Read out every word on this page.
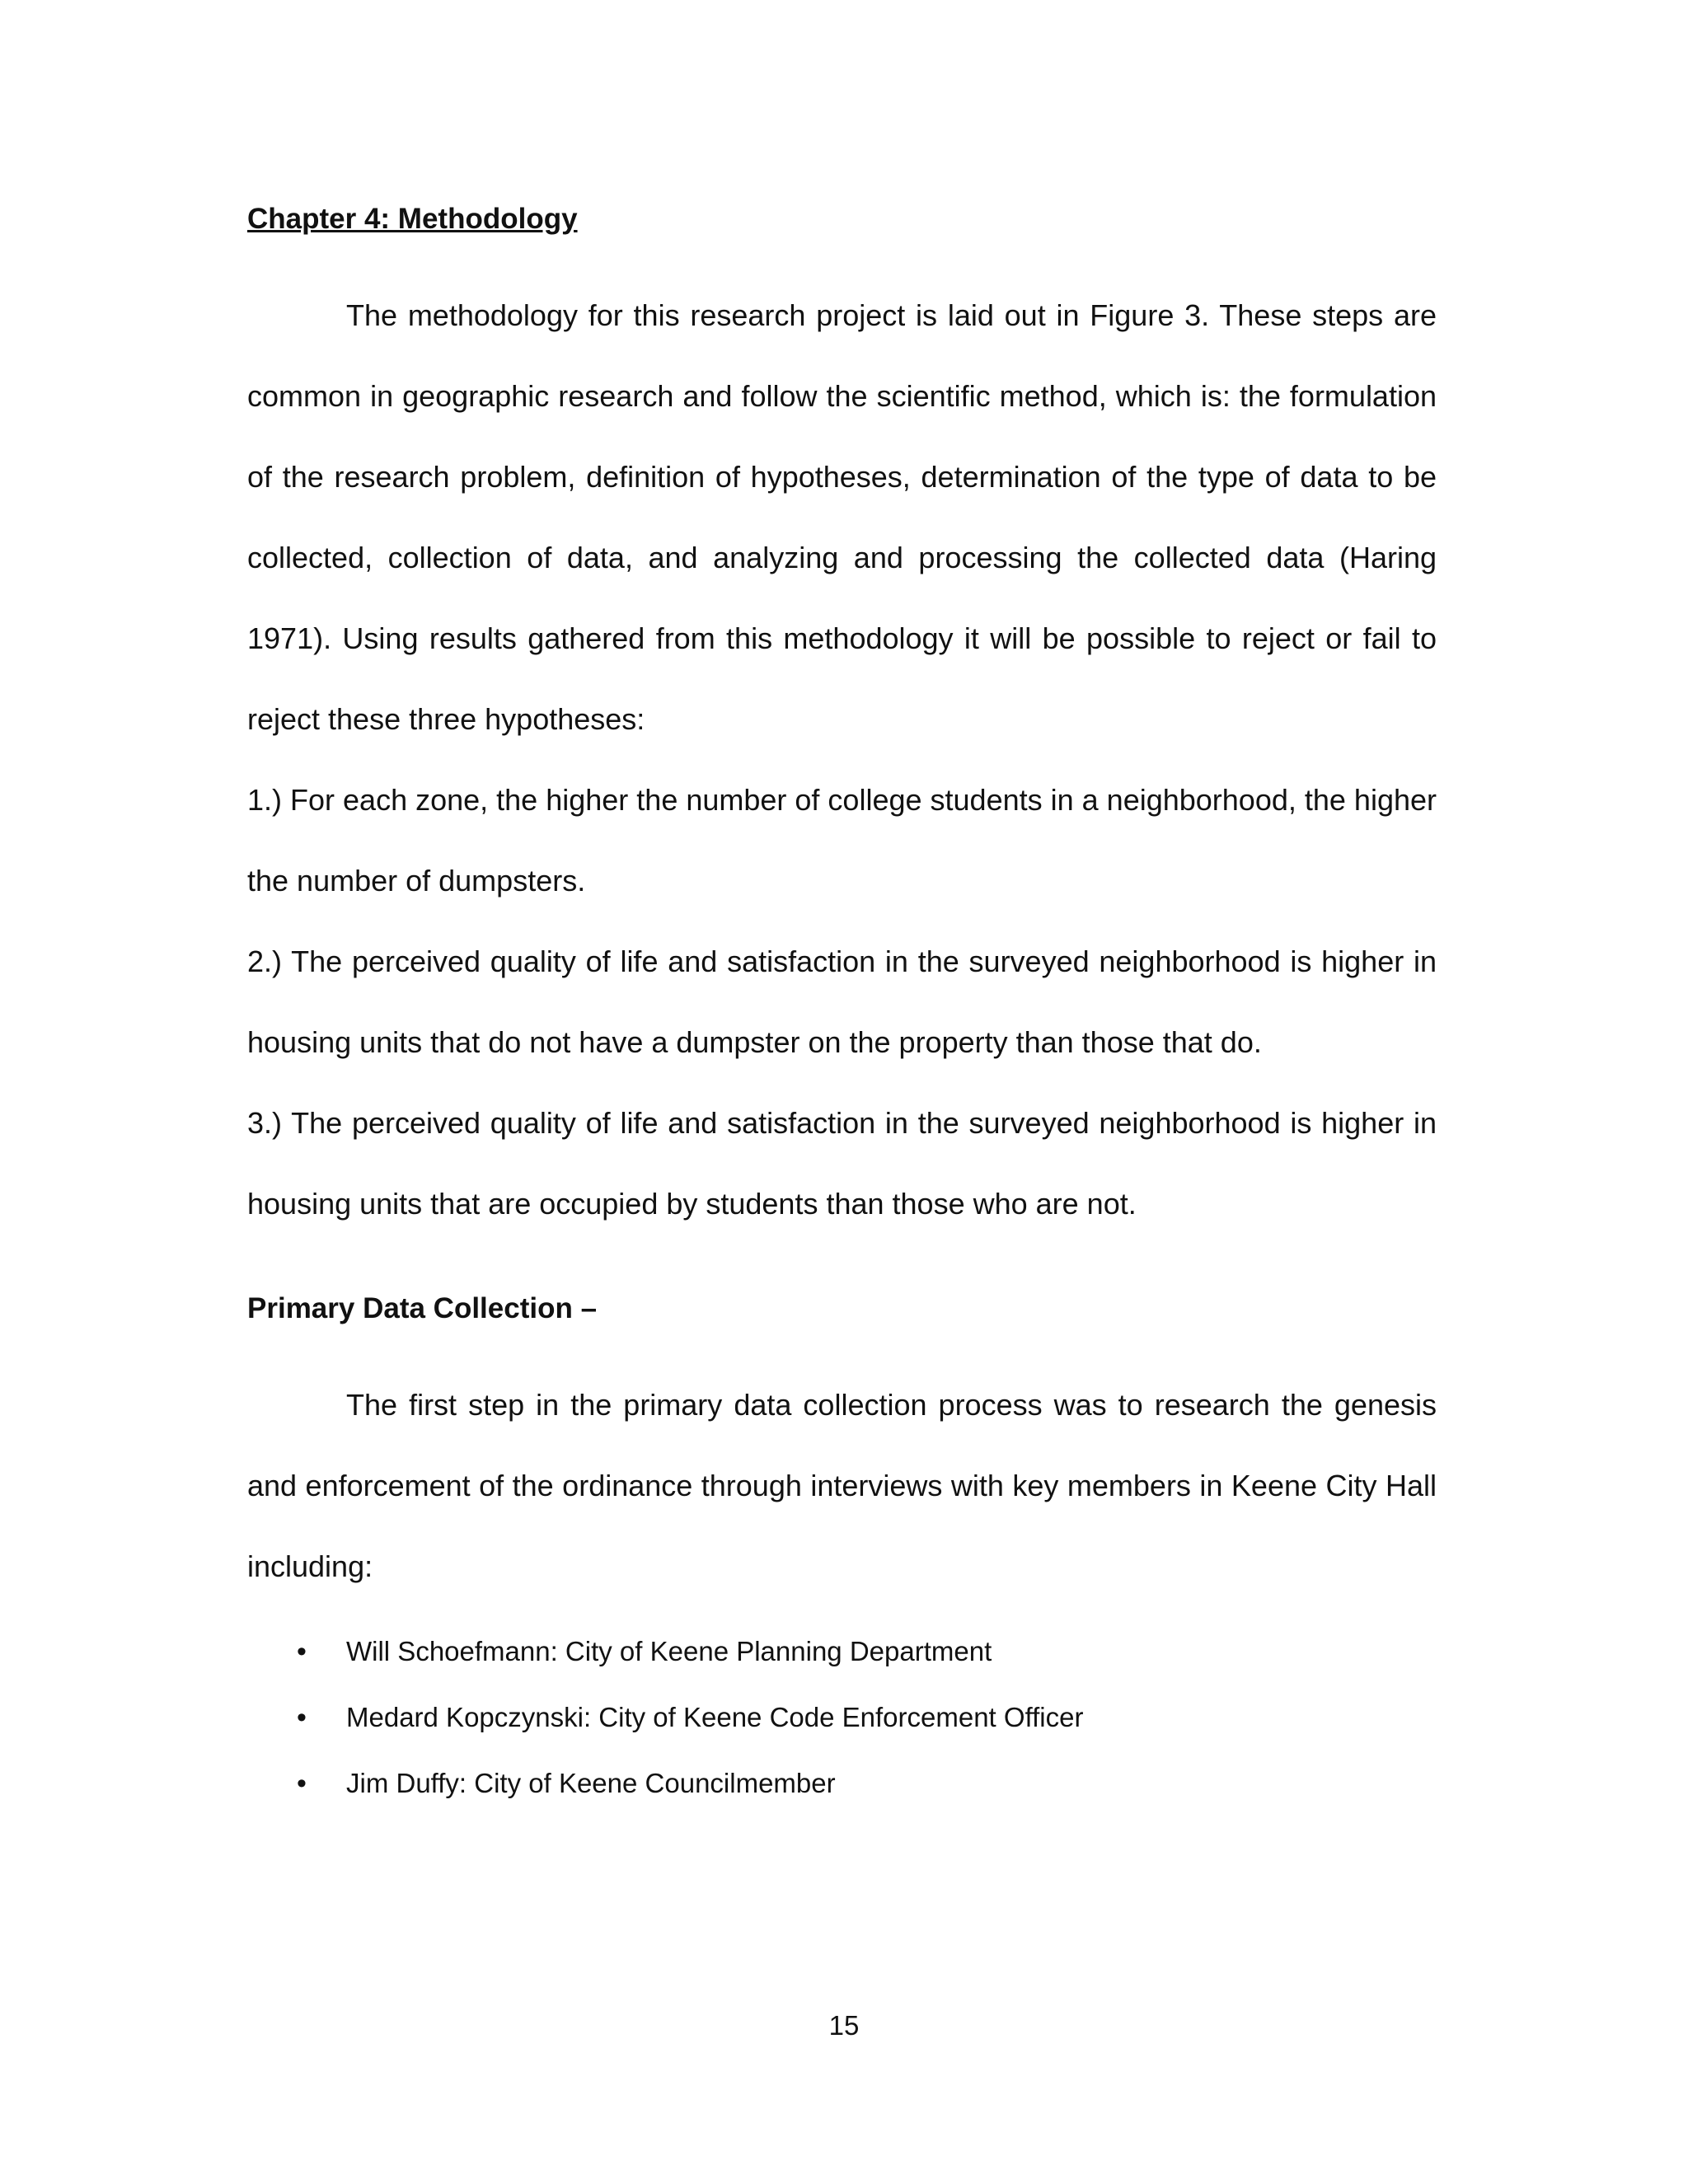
Chapter 4: Methodology

The methodology for this research project is laid out in Figure 3. These steps are common in geographic research and follow the scientific method, which is: the formulation of the research problem, definition of hypotheses, determination of the type of data to be collected, collection of data, and analyzing and processing the collected data (Haring 1971). Using results gathered from this methodology it will be possible to reject or fail to reject these three hypotheses:

1.) For each zone, the higher the number of college students in a neighborhood, the higher the number of dumpsters.

2.) The perceived quality of life and satisfaction in the surveyed neighborhood is higher in housing units that do not have a dumpster on the property than those that do.

3.) The perceived quality of life and satisfaction in the surveyed neighborhood is higher in housing units that are occupied by students than those who are not.

Primary Data Collection –

The first step in the primary data collection process was to research the genesis and enforcement of the ordinance through interviews with key members in Keene City Hall including:

•	Will Schoefmann: City of Keene Planning Department
•	Medard Kopczynski: City of Keene Code Enforcement Officer
•	Jim Duffy: City of Keene Councilmember
15
